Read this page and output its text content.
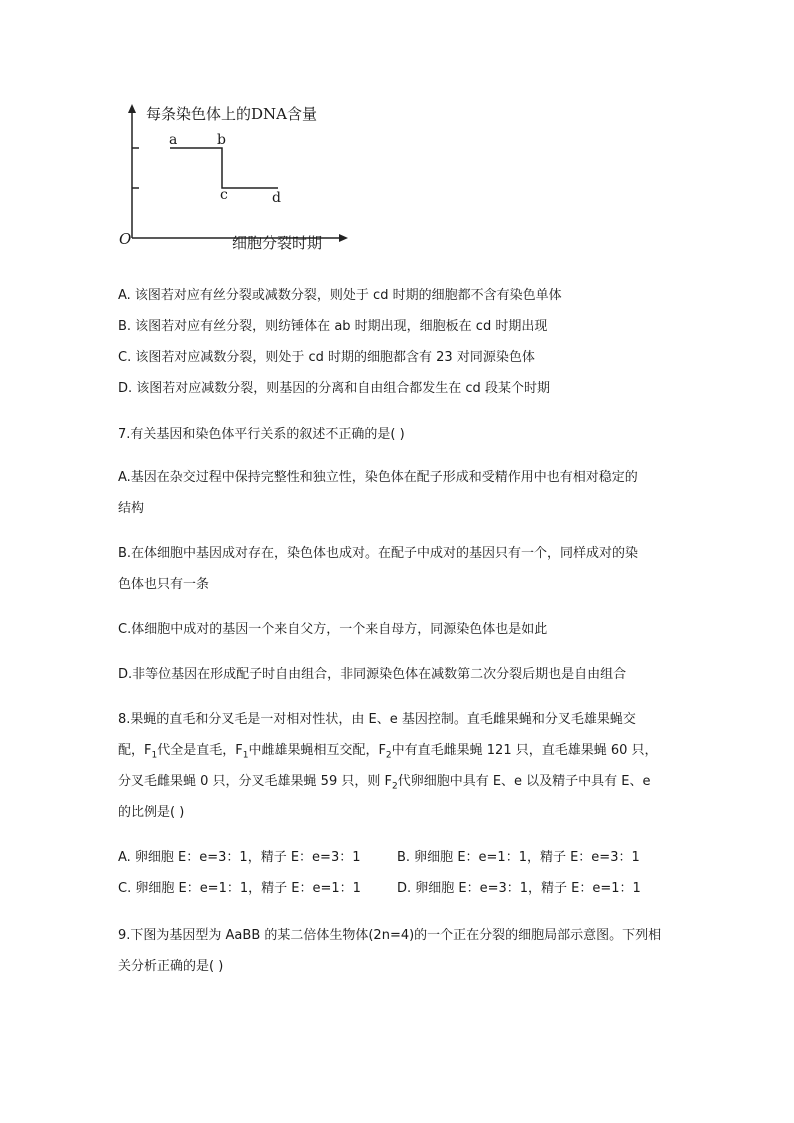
每条染色体上的DNA含量
O	细胞分裂时期
a	b
c	d
A. 该图若对应有丝分裂或减数分裂，则处于 cd 时期的细胞都不含有染色单体
B. 该图若对应有丝分裂，则纺锤体在 ab 时期出现，细胞板在 cd 时期出现
C. 该图若对应减数分裂，则处于 cd 时期的细胞都含有 23 对同源染色体
D. 该图若对应减数分裂，则基因的分离和自由组合都发生在 cd 段某个时期
7.有关基因和染色体平行关系的叙述不正确的是( )
A.基因在杂交过程中保持完整性和独立性，染色体在配子形成和受精作用中也有相对稳定的
结构
B.在体细胞中基因成对存在，染色体也成对。在配子中成对的基因只有一个，同样成对的染
色体也只有一条
C.体细胞中成对的基因一个来自父方，一个来自母方，同源染色体也是如此
D.非等位基因在形成配子时自由组合，非同源染色体在减数第二次分裂后期也是自由组合
8.果蝇的直毛和分叉毛是一对相对性状，由 E、e 基因控制。直毛雌果蝇和分叉毛雄果蝇交
配，$F_1$代全是直毛，$F_1$中雌雄果蝇相互交配，$F_2$中有直毛雌果蝇 121 只，直毛雄果蝇 60 只，
分叉毛雌果蝇 0 只，分叉毛雄果蝇 59 只，则 $F_2$代卵细胞中具有 E、e 以及精子中具有 E、e
的比例是( )
A. 卵细胞 E：e=3：1，精子 E：e=3：1	B. 卵细胞 E：e=1：1，精子 E：e=3：1
C. 卵细胞 E：e=1：1，精子 E：e=1：1	D. 卵细胞 E：e=3：1，精子 E：e=1：1
9.下图为基因型为 AaBB 的某二倍体生物体(2n=4)的一个正在分裂的细胞局部示意图。下列相
关分析正确的是( )
